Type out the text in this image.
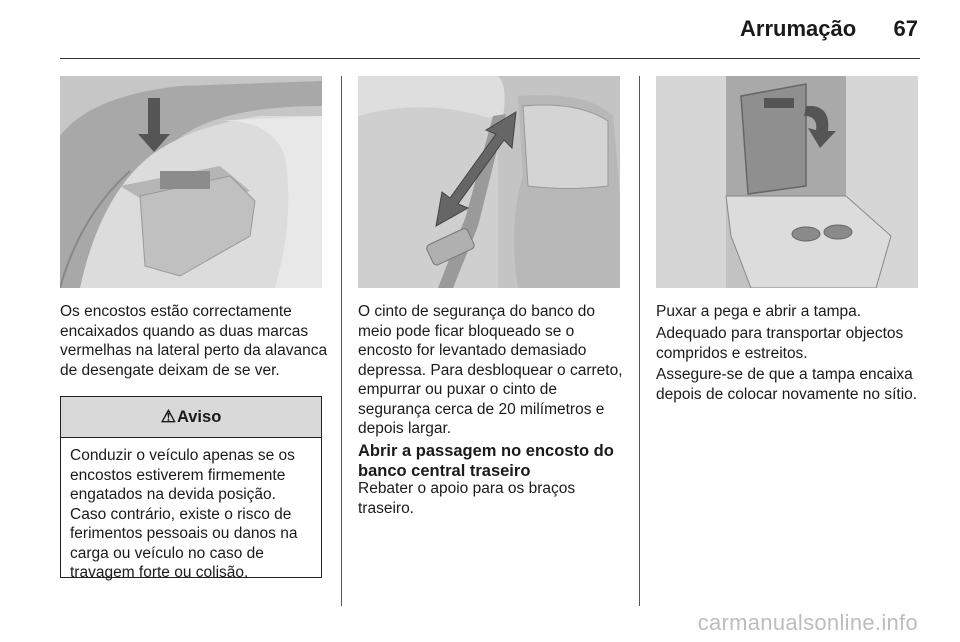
Arrumação 67

Os encostos estão correctamente encaixados quando as duas marcas vermelhas na lateral perto da alavanca de desengate deixam de se ver.

⚠ Aviso
Conduzir o veículo apenas se os encostos estiverem firmemente engatados na devida posição. Caso contrário, existe o risco de ferimentos pessoais ou danos na carga ou veículo no caso de travagem forte ou colisão.

O cinto de segurança do banco do meio pode ficar bloqueado se o encosto for levantado demasiado depressa. Para desbloquear o carreto, empurrar ou puxar o cinto de segurança cerca de 20 milímetros e depois largar.

Abrir a passagem no encosto do banco central traseiro

Rebater o apoio para os braços traseiro.

Puxar a pega e abrir a tampa.

Adequado para transportar objectos compridos e estreitos.

Assegure-se de que a tampa encaixa depois de colocar novamente no sítio.

carmanualsonline.info
